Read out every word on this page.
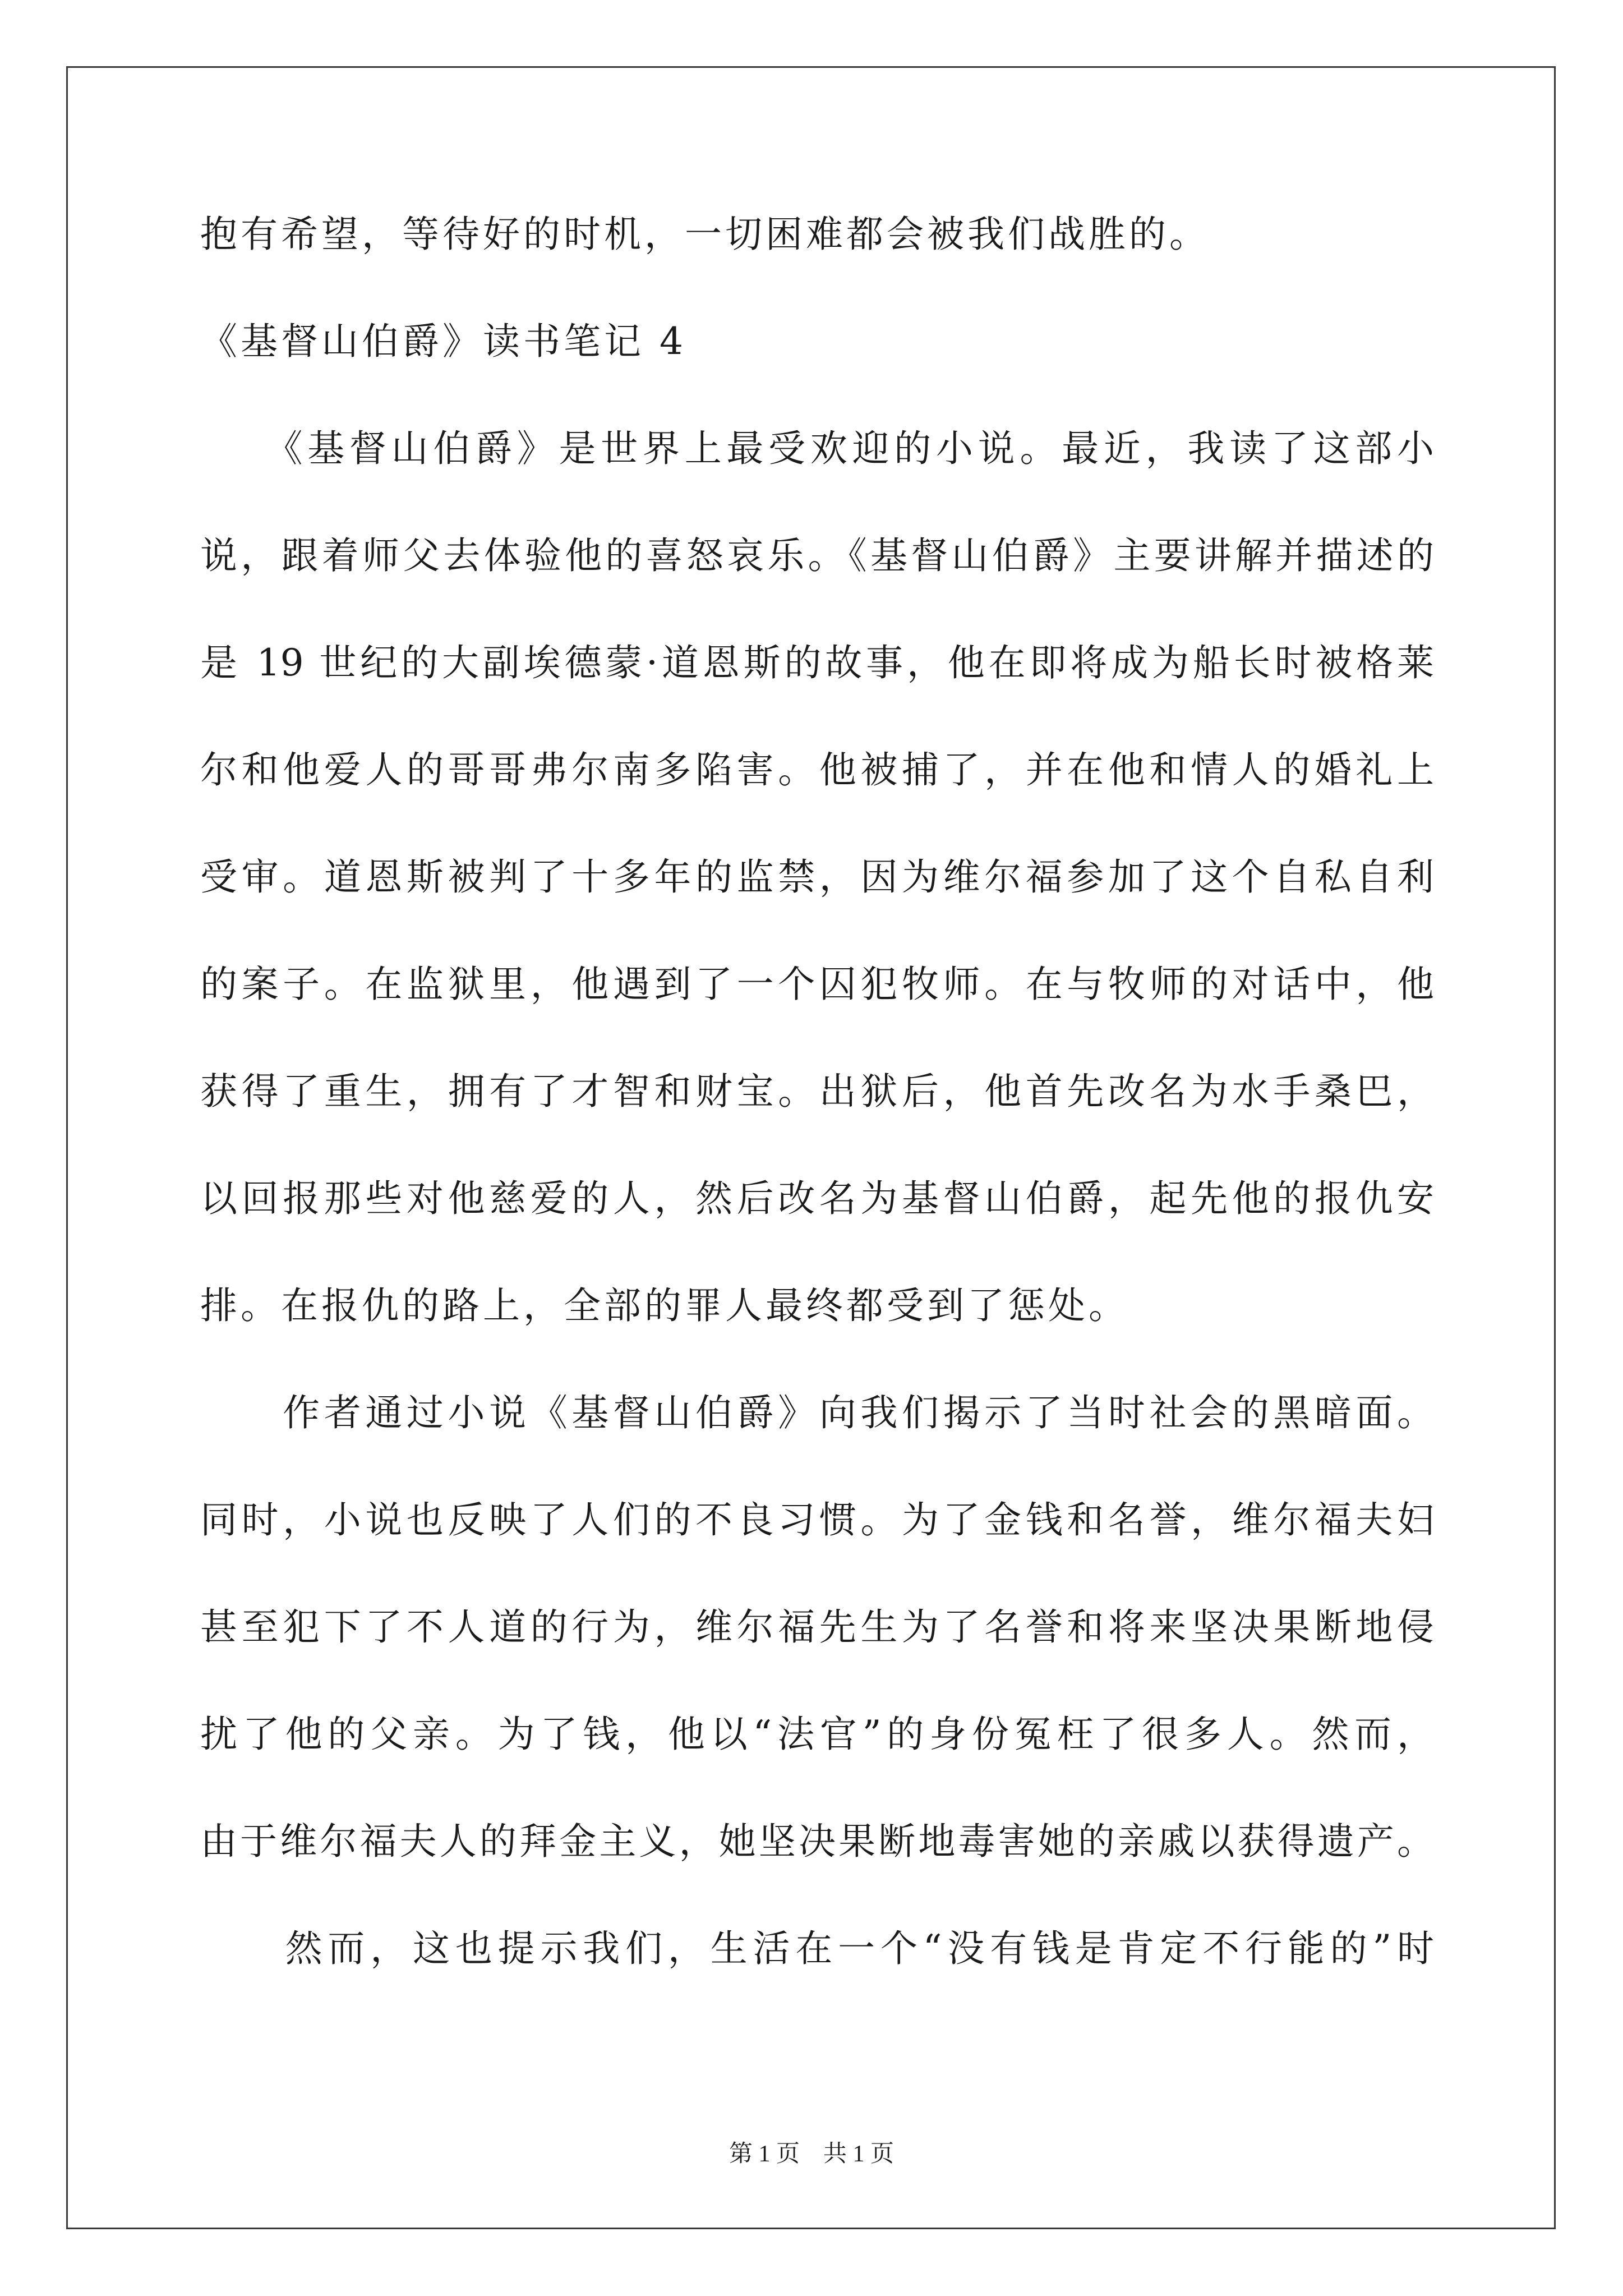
抱有希望，等待好的时机，一切困难都会被我们战胜的。
《基督山伯爵》读书笔记 4
　　《基督山伯爵》是世界上最受欢迎的小说。最近，我读了这部小
说，跟着师父去体验他的喜怒哀乐。《基督山伯爵》主要讲解并描述的
是 19 世纪的大副埃德蒙·道恩斯的故事，他在即将成为船长时被格莱
尔和他爱人的哥哥弗尔南多陷害。他被捕了，并在他和情人的婚礼上
受审。道恩斯被判了十多年的监禁，因为维尔福参加了这个自私自利
的案子。在监狱里，他遇到了一个囚犯牧师。在与牧师的对话中，他
获得了重生，拥有了才智和财宝。出狱后，他首先改名为水手桑巴，
以回报那些对他慈爱的人，然后改名为基督山伯爵，起先他的报仇安
排。在报仇的路上，全部的罪人最终都受到了惩处。
　　作者通过小说《基督山伯爵》向我们揭示了当时社会的黑暗面。
同时，小说也反映了人们的不良习惯。为了金钱和名誉，维尔福夫妇
甚至犯下了不人道的行为，维尔福先生为了名誉和将来坚决果断地侵
扰了他的父亲。为了钱，他以“法官”的身份冤枉了很多人。然而，
由于维尔福夫人的拜金主义，她坚决果断地毒害她的亲戚以获得遗产。
　　然而，这也提示我们，生活在一个“没有钱是肯定不行能的”时
第 1 页 共 1 页
